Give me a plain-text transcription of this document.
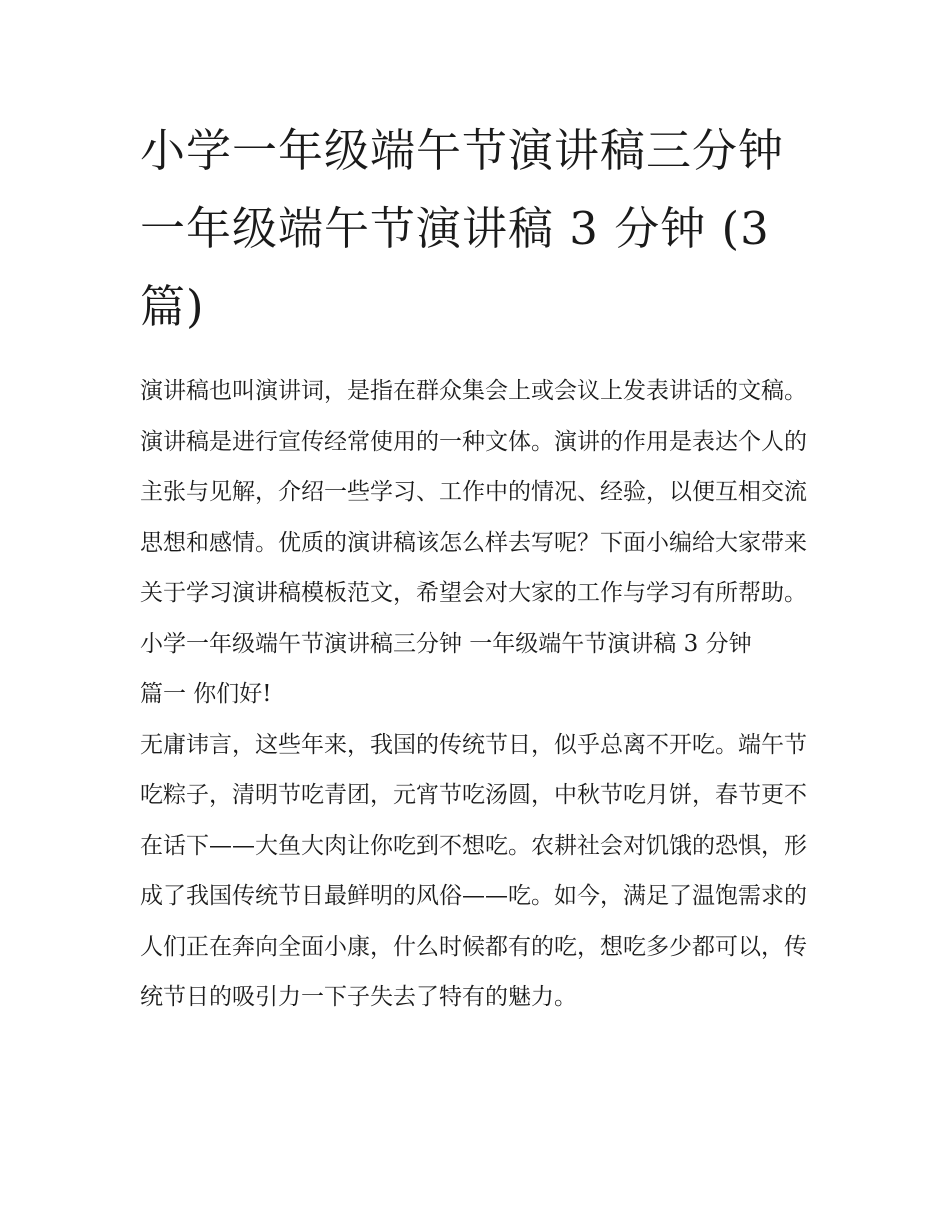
小学一年级端午节演讲稿三分钟 一年级端午节演讲稿 3 分钟 (3 篇)

演讲稿也叫演讲词，是指在群众集会上或会议上发表讲话的文稿。演讲稿是进行宣传经常使用的一种文体。演讲的作用是表达个人的主张与见解，介绍一些学习、工作中的情况、经验，以便互相交流思想和感情。优质的演讲稿该怎么样去写呢？下面小编给大家带来关于学习演讲稿模板范文，希望会对大家的工作与学习有所帮助。

小学一年级端午节演讲稿三分钟 一年级端午节演讲稿 3 分钟

篇一 你们好!

无庸讳言，这些年来，我国的传统节日，似乎总离不开吃。端午节吃粽子，清明节吃青团，元宵节吃汤圆，中秋节吃月饼，春节更不在话下——大鱼大肉让你吃到不想吃。农耕社会对饥饿的恐惧，形成了我国传统节日最鲜明的风俗——吃。如今，满足了温饱需求的人们正在奔向全面小康，什么时候都有的吃，想吃多少都可以，传统节日的吸引力一下子失去了特有的魅力。
